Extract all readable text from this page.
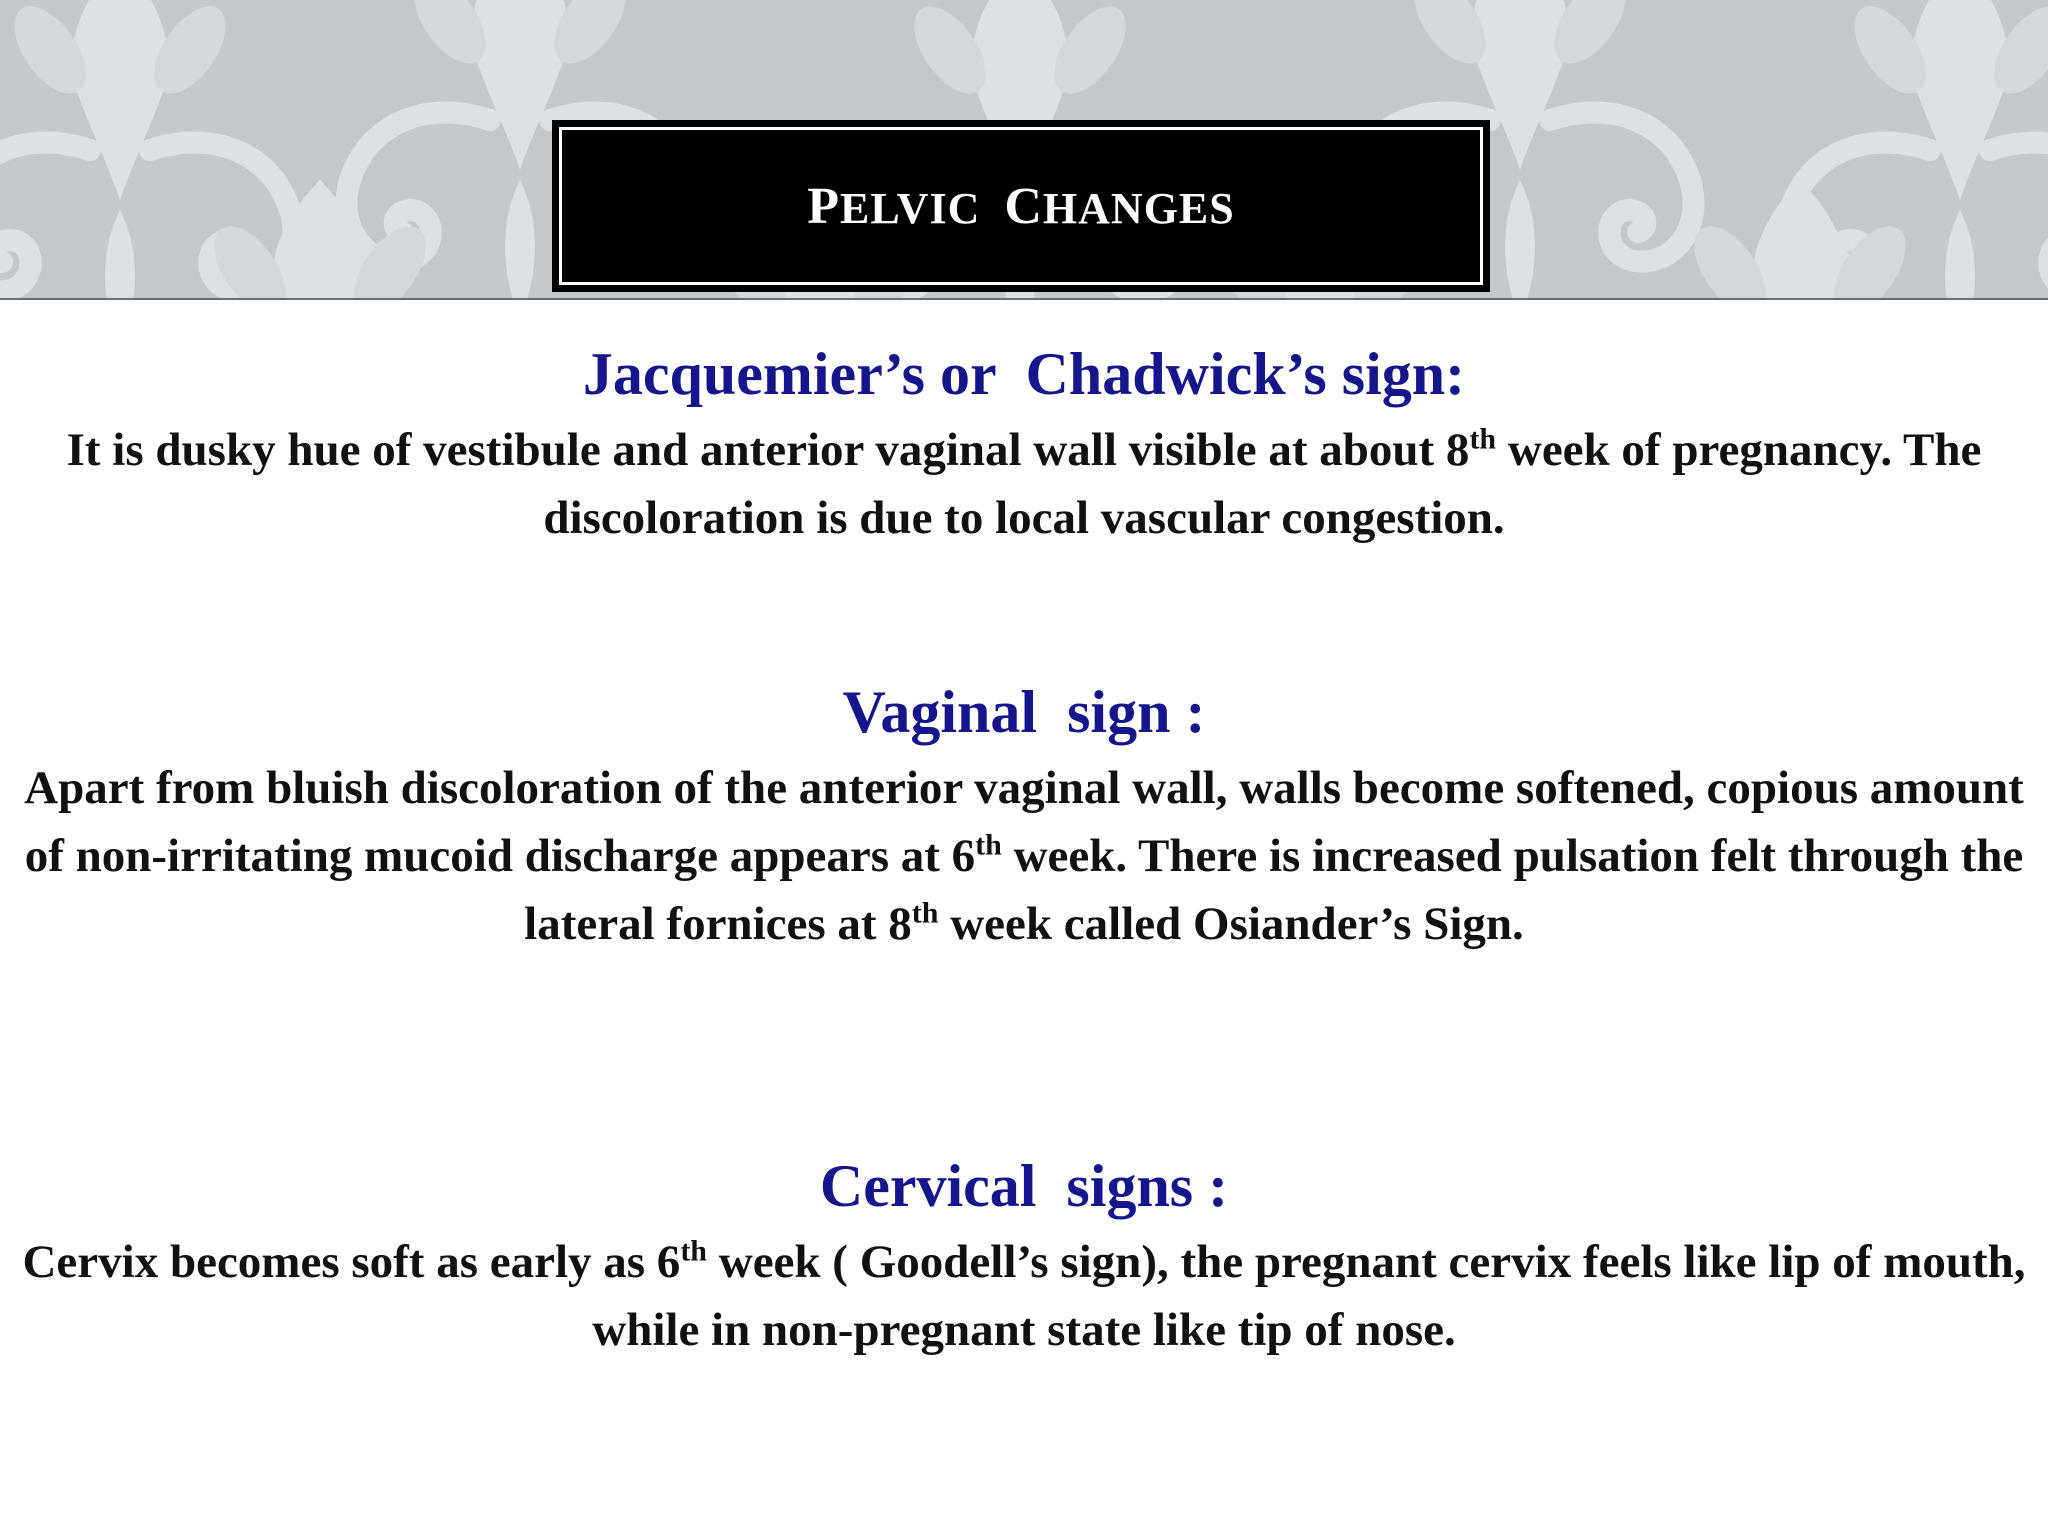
PELVIC  CHANGES

Jacquemier’s or  Chadwick’s sign:

It is dusky hue of vestibule and anterior vaginal wall visible at about 8th week of pregnancy. The discoloration is due to local vascular congestion.

Vaginal  sign :

Apart from bluish discoloration of the anterior vaginal wall, walls become softened, copious amount of non-irritating mucoid discharge appears at 6th week. There is increased pulsation felt through the lateral fornices at 8th week called Osiander’s Sign.

Cervical  signs :

Cervix becomes soft as early as 6th week ( Goodell’s sign), the pregnant cervix feels like lip of mouth, while in non-pregnant state like tip of nose.
